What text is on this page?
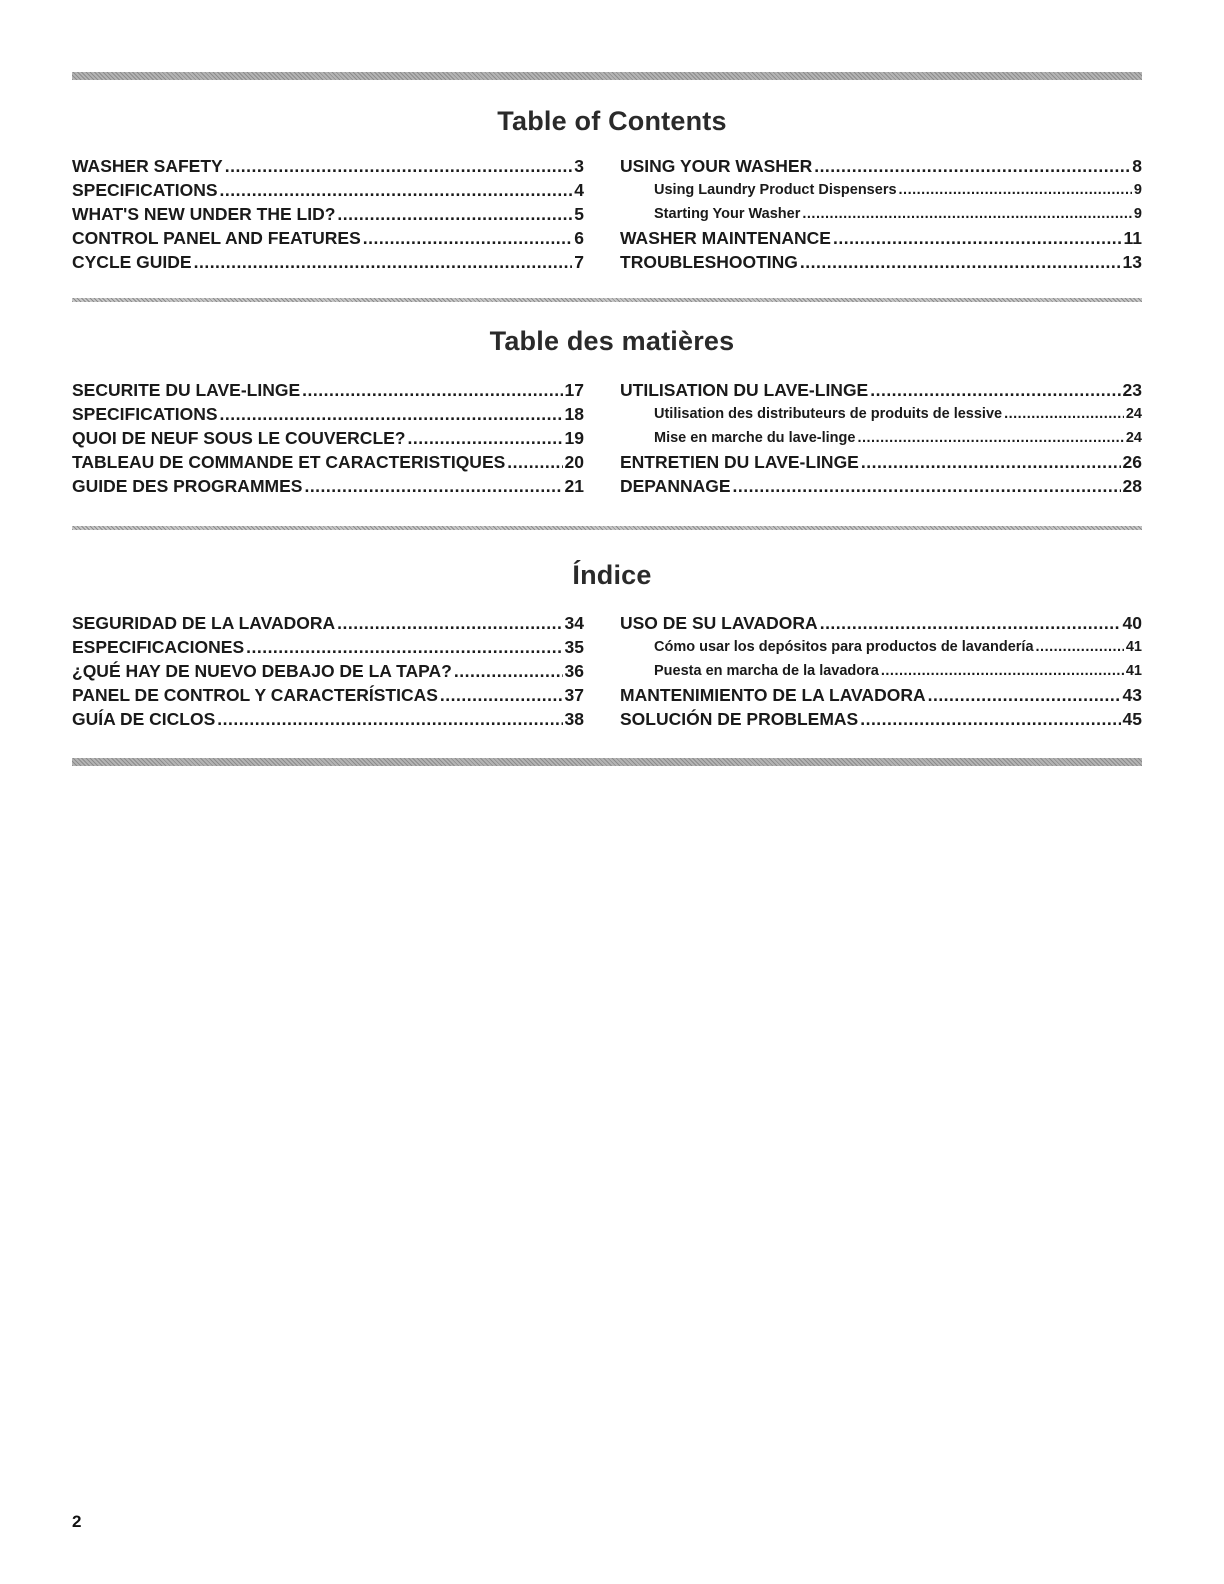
Table of Contents
WASHER SAFETY .....	3
SPECIFICATIONS .....	4
WHAT'S NEW UNDER THE LID? .....	5
CONTROL PANEL AND FEATURES .....	6
CYCLE GUIDE .....	7
USING YOUR WASHER .....	8
Using Laundry Product Dispensers .....	9
Starting Your Washer .....	9
WASHER MAINTENANCE .....	11
TROUBLESHOOTING .....	13
Table des matières
SECURITE DU LAVE-LINGE .....	17
SPECIFICATIONS .....	18
QUOI DE NEUF SOUS LE COUVERCLE? .....	19
TABLEAU DE COMMANDE ET CARACTERISTIQUES .....	20
GUIDE DES PROGRAMMES .....	21
UTILISATION DU LAVE-LINGE .....	23
Utilisation des distributeurs de produits de lessive .....	24
Mise en marche du lave-linge .....	24
ENTRETIEN DU LAVE-LINGE .....	26
DEPANNAGE .....	28
Índice
SEGURIDAD DE LA LAVADORA .....	34
ESPECIFICACIONES .....	35
¿QUÉ HAY DE NUEVO DEBAJO DE LA TAPA? .....	36
PANEL DE CONTROL Y CARACTERÍSTICAS .....	37
GUÍA DE CICLOS .....	38
USO DE SU LAVADORA .....	40
Cómo usar los depósitos para productos de lavandería .....	41
Puesta en marcha de la lavadora .....	41
MANTENIMIENTO DE LA LAVADORA .....	43
SOLUCIÓN DE PROBLEMAS .....	45
2
